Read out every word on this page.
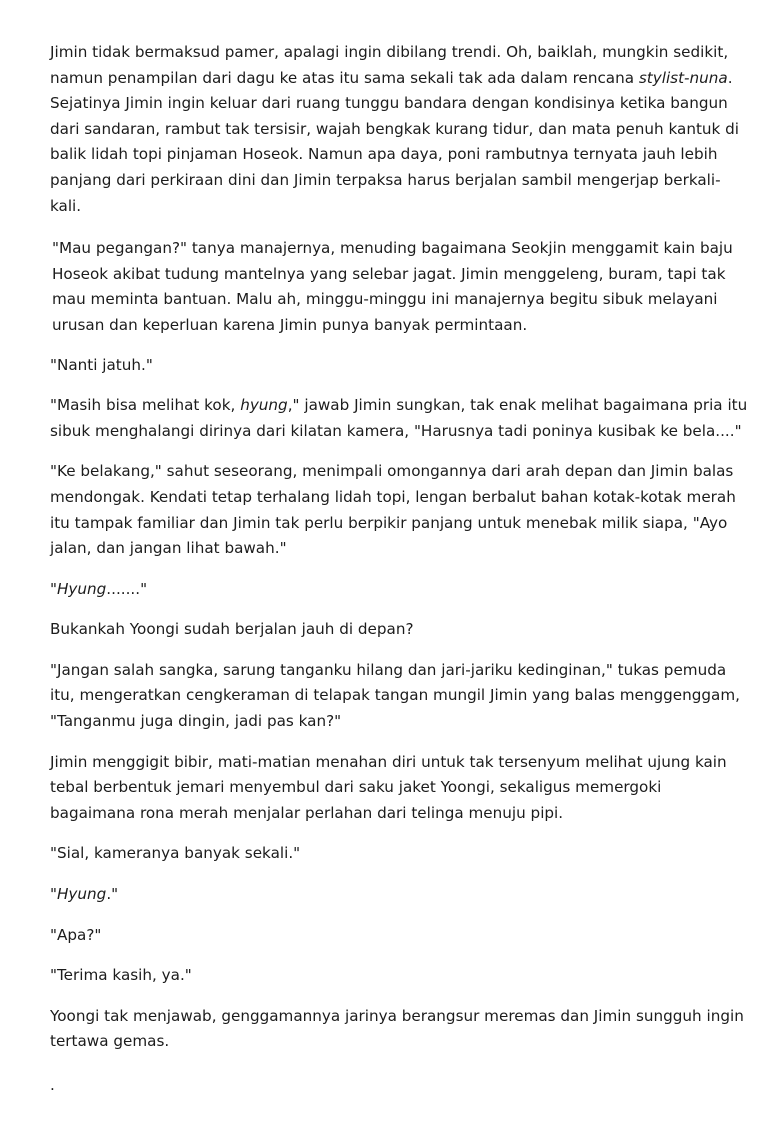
Jimin tidak bermaksud pamer, apalagi ingin dibilang trendi. Oh, baiklah, mungkin sedikit, namun penampilan dari dagu ke atas itu sama sekali tak ada dalam rencana stylist-nuna. Sejatinya Jimin ingin keluar dari ruang tunggu bandara dengan kondisinya ketika bangun dari sandaran, rambut tak tersisir, wajah bengkak kurang tidur, dan mata penuh kantuk di balik lidah topi pinjaman Hoseok. Namun apa daya, poni rambutnya ternyata jauh lebih panjang dari perkiraan dini dan Jimin terpaksa harus berjalan sambil mengerjap berkali-kali.

"Mau pegangan?" tanya manajernya, menuding bagaimana Seokjin menggamit kain baju Hoseok akibat tudung mantelnya yang selebar jagat. Jimin menggeleng, buram, tapi tak mau meminta bantuan. Malu ah, minggu-minggu ini manajernya begitu sibuk melayani urusan dan keperluan karena Jimin punya banyak permintaan.

"Nanti jatuh."

"Masih bisa melihat kok, hyung," jawab Jimin sungkan, tak enak melihat bagaimana pria itu sibuk menghalangi dirinya dari kilatan kamera, "Harusnya tadi poninya kusibak ke bela...."

"Ke belakang," sahut seseorang, menimpali omongannya dari arah depan dan Jimin balas mendongak. Kendati tetap terhalang lidah topi, lengan berbalut bahan kotak-kotak merah itu tampak familiar dan Jimin tak perlu berpikir panjang untuk menebak milik siapa, "Ayo jalan, dan jangan lihat bawah."

"Hyung......."

Bukankah Yoongi sudah berjalan jauh di depan?

"Jangan salah sangka, sarung tanganku hilang dan jari-jariku kedinginan," tukas pemuda itu, mengeratkan cengkeraman di telapak tangan mungil Jimin yang balas menggenggam, "Tanganmu juga dingin, jadi pas kan?"

Jimin menggigit bibir, mati-matian menahan diri untuk tak tersenyum melihat ujung kain tebal berbentuk jemari menyembul dari saku jaket Yoongi, sekaligus memergoki bagaimana rona merah menjalar perlahan dari telinga menuju pipi.

"Sial, kameranya banyak sekali."

"Hyung."

"Apa?"

"Terima kasih, ya."

Yoongi tak menjawab, genggamannya jarinya berangsur meremas dan Jimin sungguh ingin tertawa gemas.

.
